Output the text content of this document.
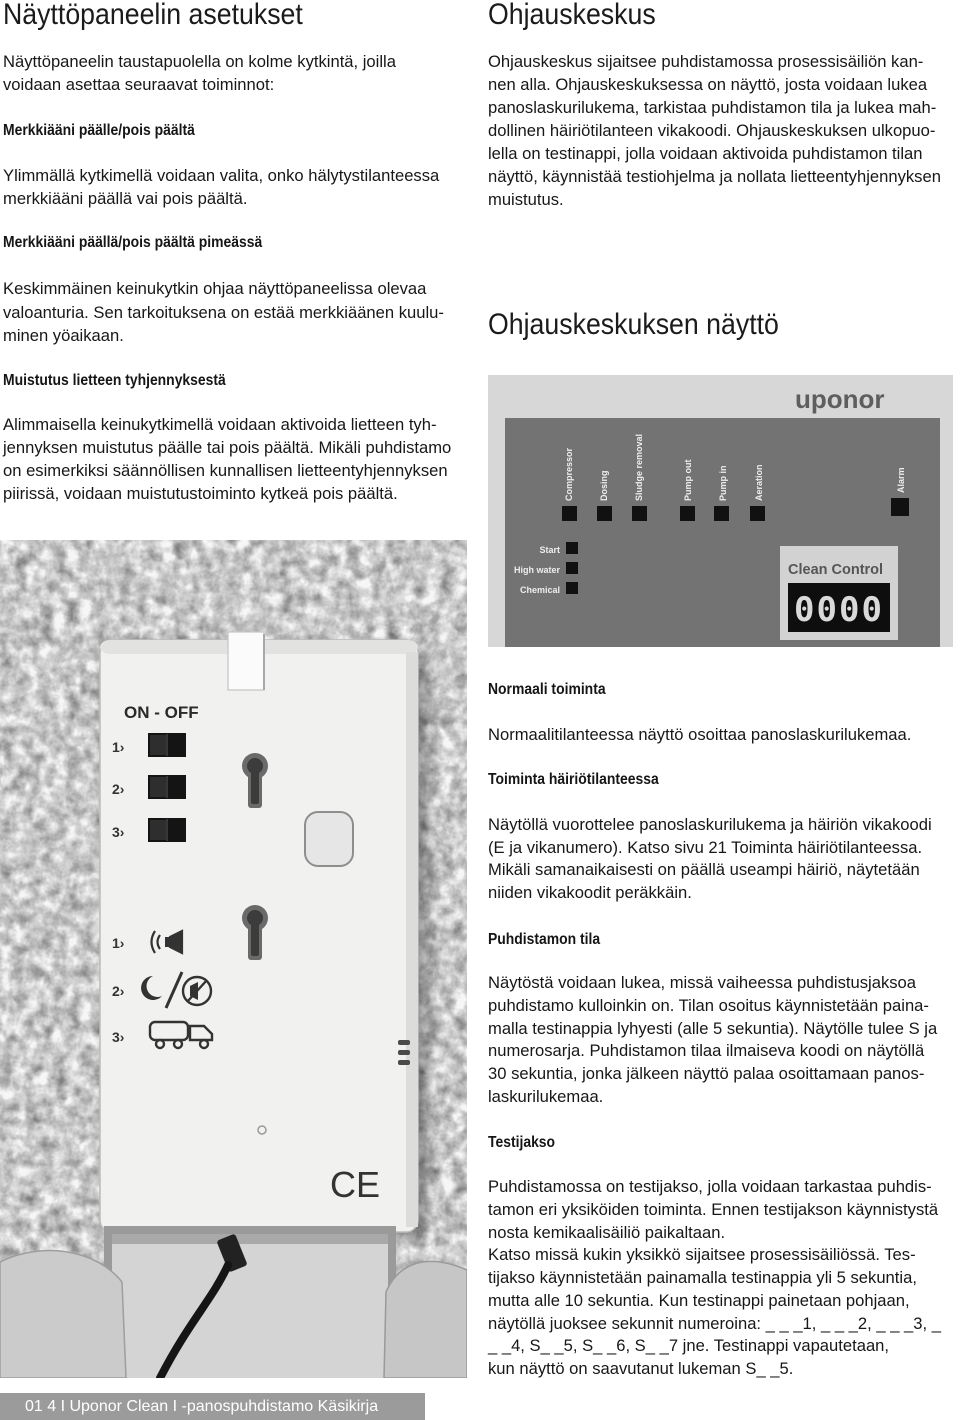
Näyttöpaneelin asetukset
Näyttöpaneelin taustapuolella on kolme kytkintä, joilla
voidaan asettaa seuraavat toiminnot:
Merkkiääni päälle/pois päältä
Ylimmällä kytkimellä voidaan valita, onko hälytystilanteessa
merkkiääni päällä vai pois päältä.
Merkkiääni päällä/pois päältä pimeässä
Keskimmäinen keinukytkin ohjaa näyttöpaneelissa olevaa
valoanturia. Sen tarkoituksena on estää merkkiäänen kuulu-
minen yöaikaan.
Muistutus lietteen tyhjennyksestä
Alimmaisella keinukytkimellä voidaan aktivoida lietteen tyh-
jennyksen muistutus päälle tai pois päältä. Mikäli puhdistamo
on esimerkiksi säännöllisen kunnallisen lietteentyhjennyksen
piirissä, voidaan muistutustoiminto kytkeä pois päältä.
ON - OFF
1›
2›
3›
1›
2›
3›
CE
Ohjauskeskus
Ohjauskeskus sijaitsee puhdistamossa prosessisäiliön kan-
nen alla. Ohjauskeskuksessa on näyttö, josta voidaan lukea
panoslaskurilukema, tarkistaa puhdistamon tila ja lukea mah-
dollinen häiriötilanteen vikakoodi. Ohjauskeskuksen ulkopuo-
lella on testinappi, jolla voidaan aktivoida puhdistamon tilan
näyttö, käynnistää testiohjelma ja nollata lietteentyhjennyksen
muistutus.
Ohjauskeskuksen näyttö
uponor
Compressor	Dosing	Sludge removal	Pump out	Pump in	Aeration	Alarm
Start
High water
Chemical
Clean Control
0000
Normaali toiminta
Normaalitilanteessa näyttö osoittaa panoslaskurilukemaa.
Toiminta häiriötilanteessa
Näytöllä vuorottelee panoslaskurilukema ja häiriön vikakoodi
(E ja vikanumero). Katso sivu 21 Toiminta häiriötilanteessa.
Mikäli samanaikaisesti on päällä useampi häiriö, näytetään
niiden vikakoodit peräkkäin.
Puhdistamon tila
Näytöstä voidaan lukea, missä vaiheessa puhdistusjaksoa
puhdistamo kulloinkin on. Tilan osoitus käynnistetään paina-
malla testinappia lyhyesti (alle 5 sekuntia). Näytölle tulee S ja
numerosarja. Puhdistamon tilaa ilmaiseva koodi on näytöllä
30 sekuntia, jonka jälkeen näyttö palaa osoittamaan panos-
laskurilukemaa.
Testijakso
Puhdistamossa on testijakso, jolla voidaan tarkastaa puhdis-
tamon eri yksiköiden toiminta. Ennen testijakson käynnistystä
nosta kemikaalisäiliö paikaltaan.
Katso missä kukin yksikkö sijaitsee prosessisäiliössä. Tes-
tijakso käynnistetään painamalla testinappia yli 5 sekuntia,
mutta alle 10 sekuntia. Kun testinappi painetaan pohjaan,
näytöllä juoksee sekunnit numeroina: _ _ _1, _ _ _2, _ _ _3, _
_ _4, S_ _5, S_ _6, S_ _7 jne. Testinappi vapautetaan,
kun näyttö on saavutanut lukeman S_ _5.
01 4 I Uponor Clean I -panospuhdistamo Käsikirja
